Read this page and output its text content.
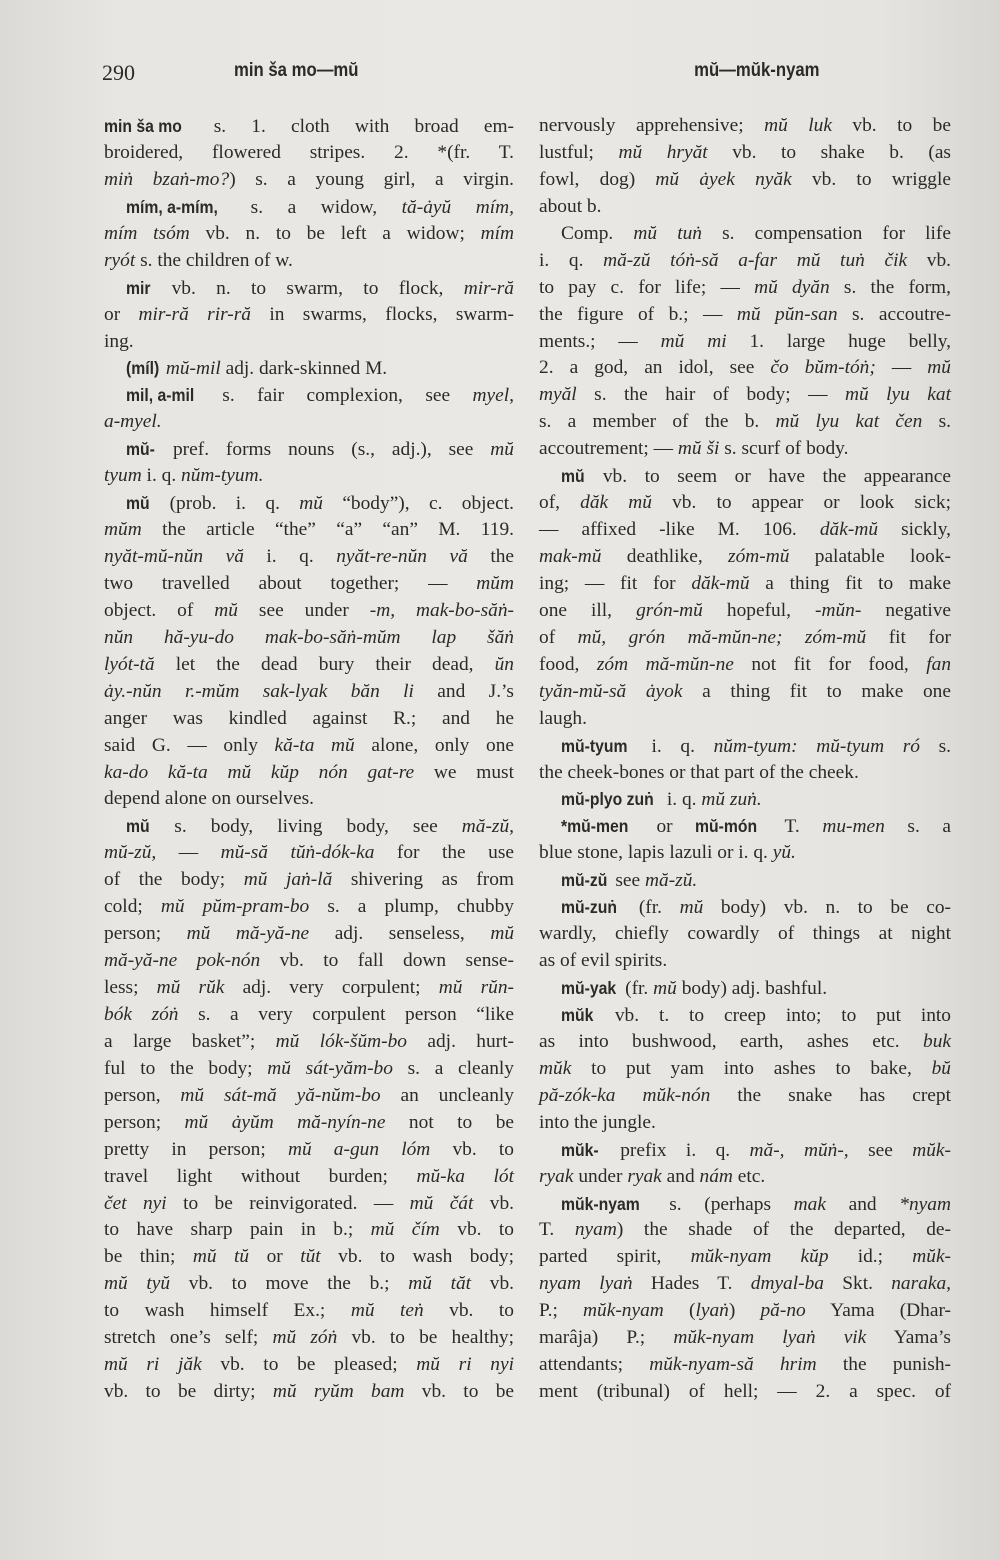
290	min ša mo—mŭ	mŭ—mŭk-nyam
min ša mo s. 1. cloth with broad em-
broidered, flowered stripes. 2. *(fr. T.
miṅ bzaṅ-mo?) s. a young girl, a virgin.
mím, a-mím, s. a widow, tă-ȧyŭ mím,
mím tsóm vb. n. to be left a widow; mím
ryót s. the children of w.
mir vb. n. to swarm, to flock, mir-ră
or mir-ră rir-ră in swarms, flocks, swarm-
ing.
(míl) mŭ-mil adj. dark-skinned M.
mil, a-mil s. fair complexion, see myel,
a-myel.
mŭ- pref. forms nouns (s., adj.), see mŭ
tyum i. q. nŭm-tyum.
mŭ (prob. i. q. mŭ “body”), c. object.
mŭm the article “the” “a” “an” M. 119.
nyăt-mŭ-nŭn vă i. q. nyăt-re-nŭn vă the
two travelled about together; — mŭm
object. of mŭ see under -m, mak-bo-săṅ-
nŭn hă-yu-do mak-bo-săṅ-mŭm lap šăṅ
lyót-tă let the dead bury their dead, ŭn
ȧy.-nŭn r.-mŭm sak-lyak băn li and J.’s
anger was kindled against R.; and he
said G. — only kă-ta mŭ alone, only one
ka-do kă-ta mŭ kŭp nón gat-re we must
depend alone on ourselves.
mŭ s. body, living body, see mă-zŭ,
mŭ-zŭ, — mŭ-să tŭṅ-dók-ka for the use
of the body; mŭ jaṅ-lă shivering as from
cold; mŭ pŭm-pram-bo s. a plump, chubby
person; mŭ mă-yă-ne adj. senseless, mŭ
mă-yă-ne pok-nón vb. to fall down sense-
less; mŭ rŭk adj. very corpulent; mŭ rŭn-
bók zóṅ s. a very corpulent person “like
a large basket”; mŭ lók-šŭm-bo adj. hurt-
ful to the body; mŭ sát-yăm-bo s. a cleanly
person, mŭ sát-mă yă-nŭm-bo an uncleanly
person; mŭ ȧyŭm mă-nyín-ne not to be
pretty in person; mŭ a-gun lóm vb. to
travel light without burden; mŭ-ka lót
čet nyi to be reinvigorated. — mŭ čát vb.
to have sharp pain in b.; mŭ čím vb. to
be thin; mŭ tŭ or tŭt vb. to wash body;
mŭ tyŭ vb. to move the b.; mŭ tăt vb.
to wash himself Ex.; mŭ teṅ vb. to
stretch one’s self; mŭ zóṅ vb. to be healthy;
mŭ ri jăk vb. to be pleased; mŭ ri nyi
vb. to be dirty; mŭ ryŭm bam vb. to be
nervously apprehensive; mŭ luk vb. to be
lustful; mŭ hryăt vb. to shake b. (as
fowl, dog) mŭ ȧyek nyăk vb. to wriggle
about b.
Comp. mŭ tuṅ s. compensation for life
i. q. mă-zŭ tóṅ-să a-far mŭ tuṅ čik vb.
to pay c. for life; — mŭ dyăn s. the form,
the figure of b.; — mŭ pŭn-san s. accoutre-
ments.; — mŭ mi 1. large huge belly,
2. a god, an idol, see čo bŭm-tóṅ; — mŭ
myăl s. the hair of body; — mŭ lyu kat
s. a member of the b. mŭ lyu kat čen s.
accoutrement; — mŭ ši s. scurf of body.
mŭ vb. to seem or have the appearance
of, dăk mŭ vb. to appear or look sick;
— affixed -like M. 106. dăk-mŭ sickly,
mak-mŭ deathlike, zóm-mŭ palatable look-
ing; — fit for dăk-mŭ a thing fit to make
one ill, grón-mŭ hopeful, -mŭn- negative
of mŭ, grón mă-mŭn-ne; zóm-mŭ fit for
food, zóm mă-mŭn-ne not fit for food, fan
tyăn-mŭ-să ȧyok a thing fit to make one
laugh.
mŭ-tyum i. q. nŭm-tyum: mŭ-tyum ró s.
the cheek-bones or that part of the cheek.
mŭ-plyo zuṅ i. q. mŭ zuṅ.
*mŭ-men or mŭ-món T. mu-men s. a
blue stone, lapis lazuli or i. q. yŭ.
mŭ-zŭ see mă-zŭ.
mŭ-zuṅ (fr. mŭ body) vb. n. to be co-
wardly, chiefly cowardly of things at night
as of evil spirits.
mŭ-yak (fr. mŭ body) adj. bashful.
mŭk vb. t. to creep into; to put into
as into bushwood, earth, ashes etc. buk
mŭk to put yam into ashes to bake, bŭ
pă-zók-ka mŭk-nón the snake has crept
into the jungle.
mŭk- prefix i. q. mă-, mŭṅ-, see mŭk-
ryak under ryak and nám etc.
mŭk-nyam s. (perhaps mak and *nyam
T. nyam) the shade of the departed, de-
parted spirit, mŭk-nyam kŭp id.; mŭk-
nyam lyaṅ Hades T. dmyal-ba Skt. naraka,
P.; mŭk-nyam (lyaṅ) pă-no Yama (Dhar-
marâja) P.; mŭk-nyam lyaṅ vik Yama’s
attendants; mŭk-nyam-să hrim the punish-
ment (tribunal) of hell; — 2. a spec. of
